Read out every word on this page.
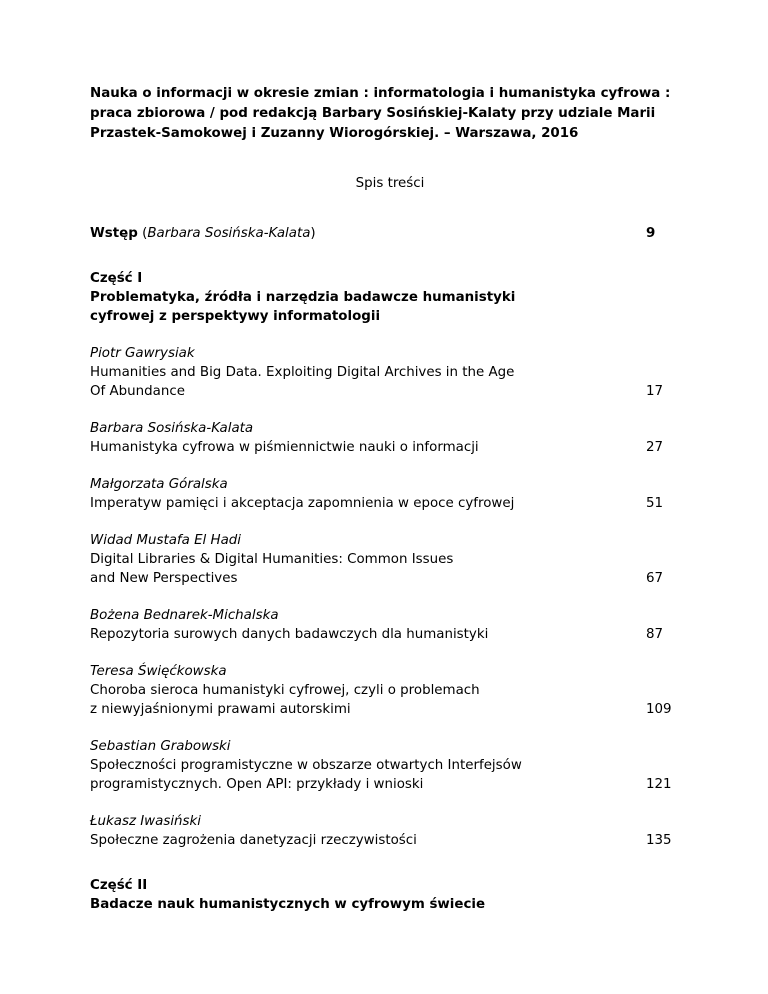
Nauka o informacji w okresie zmian : informatologia i humanistyka cyfrowa : praca zbiorowa / pod redakcją Barbary Sosińskiej-Kalaty przy udziale Marii Przastek-Samokowej i Zuzanny Wiorogórskiej. – Warszawa, 2016

Spis treści

Wstęp (Barbara Sosińska-Kalata)	9
Część I
Problematyka, źródła i narzędzia badawcze humanistyki cyfrowej z perspektywy informatologii
Piotr Gawrysiak
Humanities and Big Data. Exploiting Digital Archives in the Age
Of Abundance	17
Barbara Sosińska-Kalata
Humanistyka cyfrowa w piśmiennictwie nauki o informacji	27
Małgorzata Góralska
Imperatyw pamięci i akceptacja zapomnienia w epoce cyfrowej	51
Widad Mustafa El Hadi
Digital Libraries & Digital Humanities: Common Issues
and New Perspectives	67
Bożena Bednarek-Michalska
Repozytoria surowych danych badawczych dla humanistyki	87
Teresa Święćkowska
Choroba sieroca humanistyki cyfrowej, czyli o problemach
z niewyjaśnionymi prawami autorskimi	109
Sebastian Grabowski
Społeczności programistyczne w obszarze otwartych Interfejsów
programistycznych. Open API: przykłady i wnioski	121
Łukasz Iwasiński
Społeczne zagrożenia danetyzacji rzeczywistości	135
Część II
Badacze nauk humanistycznych w cyfrowym świecie
